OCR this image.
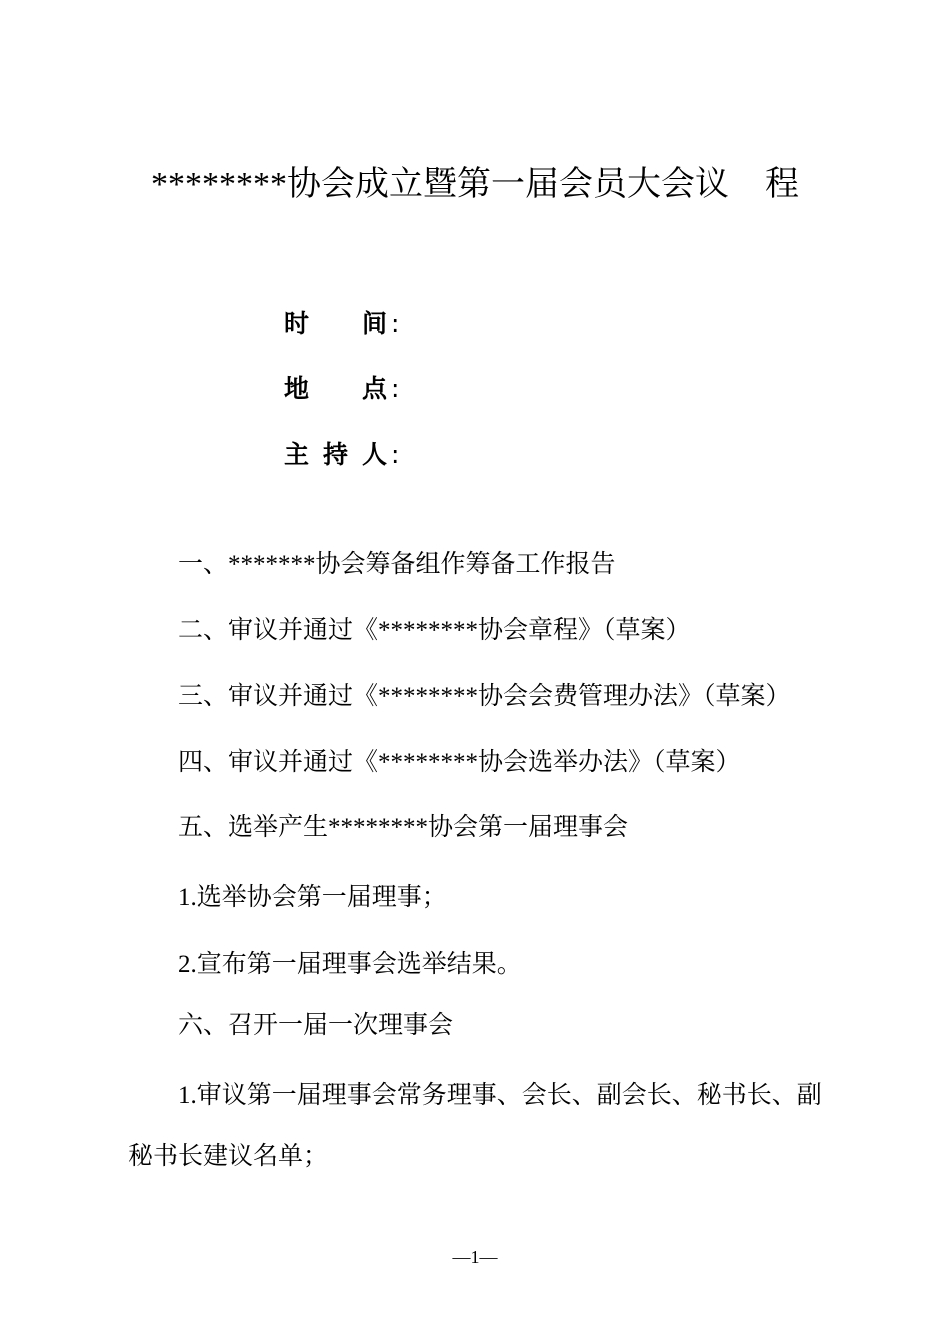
********协会成立暨第一届会员大会议 程
时间 :
地点 :
主持人 :
一、*******协会筹备组作筹备工作报告
二、审议并通过《********协会章程》（草案）
三、审议并通过《********协会会费管理办法》（草案）
四、审议并通过《********协会选举办法》（草案）
五、选举产生********协会第一届理事会
1.选举协会第一届理事；
2.宣布第一届理事会选举结果。
六、召开一届一次理事会
1.审议第一届理事会常务理事、会长、副会长、秘书长、副
秘书长建议名单；
—1—
